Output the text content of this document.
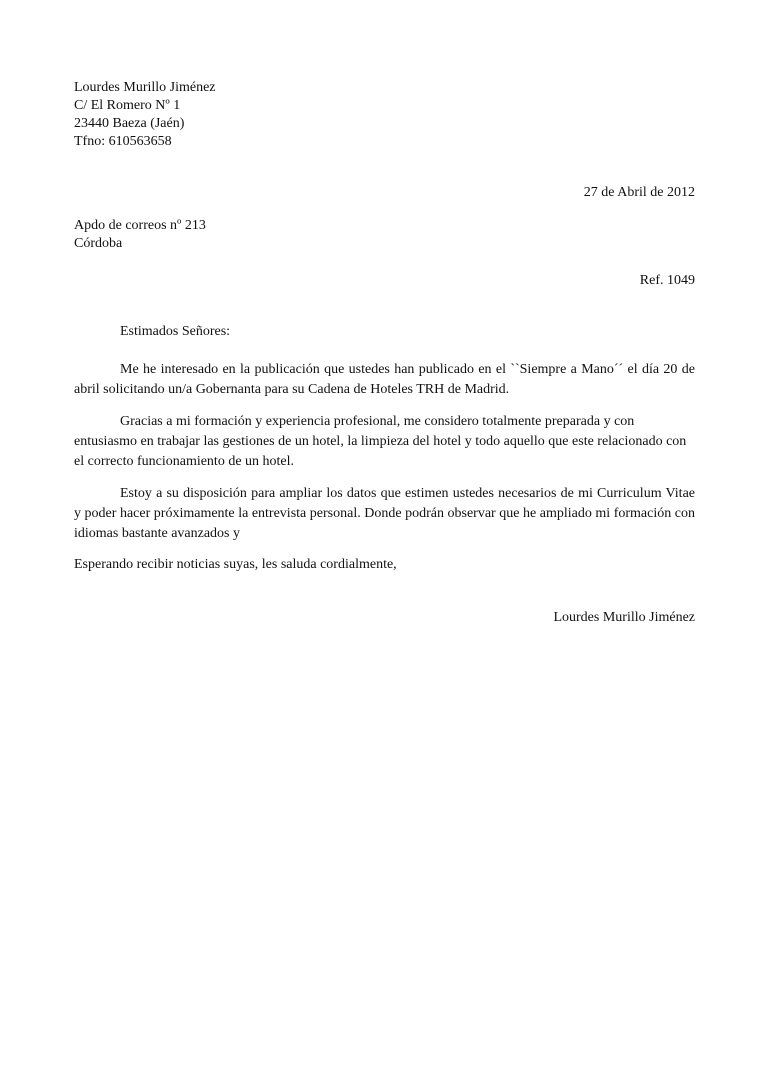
Lourdes Murillo Jiménez
C/ El Romero Nº 1
23440 Baeza (Jaén)
Tfno: 610563658
27 de Abril de 2012
Apdo de correos nº 213
Córdoba
Ref. 1049
Estimados Señores:
Me he interesado en la publicación que ustedes han publicado en el ``Siempre a Mano´´ el día 20 de abril solicitando un/a Gobernanta para su Cadena de Hoteles TRH de Madrid.
Gracias a mi formación y experiencia profesional, me considero totalmente preparada y con entusiasmo en trabajar las gestiones de un hotel, la limpieza del hotel y todo aquello que este relacionado con el correcto funcionamiento de un hotel.
Estoy a su disposición para ampliar los datos que estimen ustedes necesarios de mi Curriculum Vitae y poder hacer próximamente la entrevista personal. Donde podrán observar que he ampliado mi formación con idiomas bastante avanzados y
Esperando recibir noticias suyas, les saluda cordialmente,
Lourdes Murillo Jiménez
